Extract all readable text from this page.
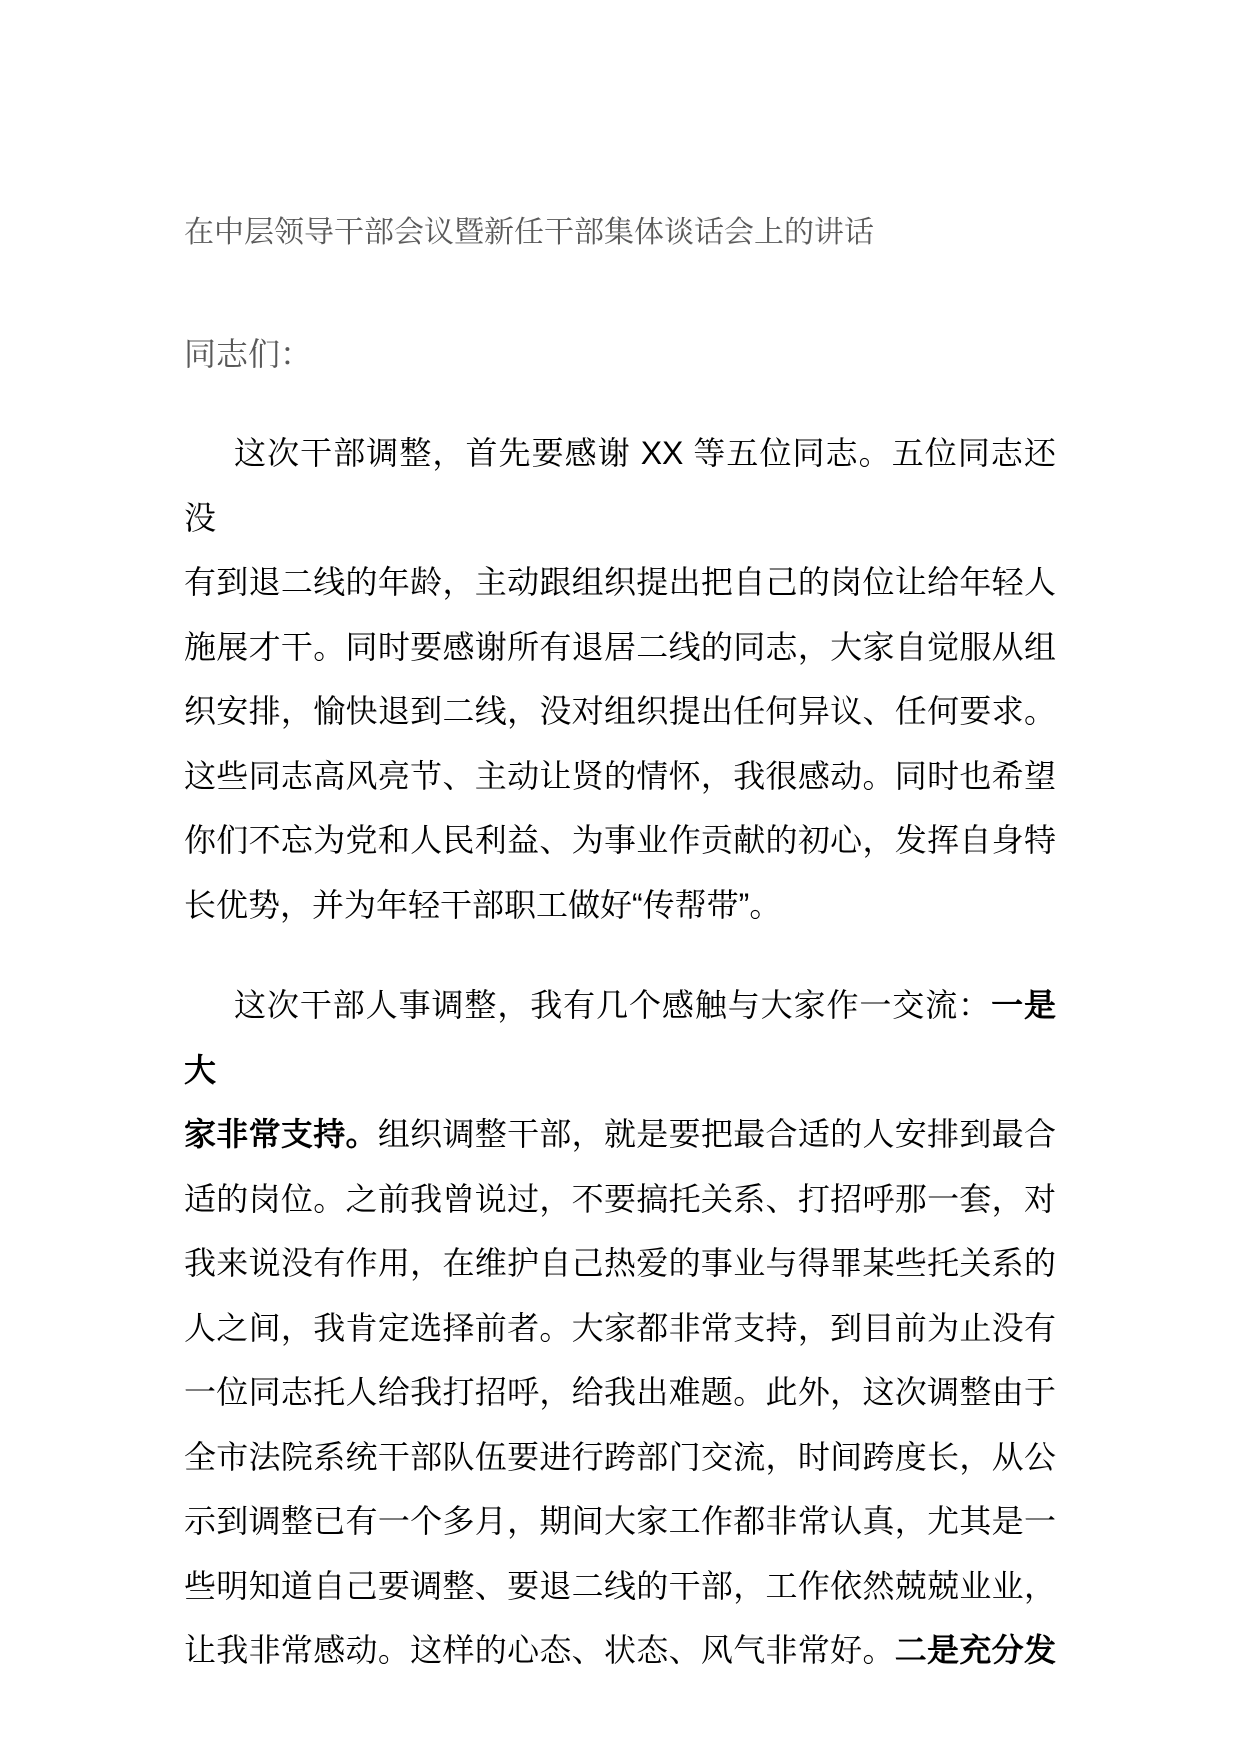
在中层领导干部会议暨新任干部集体谈话会上的讲话

同志们：

这次干部调整，首先要感谢 XX 等五位同志。五位同志还没
有到退二线的年龄，主动跟组织提出把自己的岗位让给年轻人
施展才干。同时要感谢所有退居二线的同志，大家自觉服从组
织安排，愉快退到二线，没对组织提出任何异议、任何要求。
这些同志高风亮节、主动让贤的情怀，我很感动。同时也希望
你们不忘为党和人民利益、为事业作贡献的初心，发挥自身特
长优势，并为年轻干部职工做好“传帮带”。
这次干部人事调整，我有几个感触与大家作一交流：一是大
家非常支持。组织调整干部，就是要把最合适的人安排到最合
适的岗位。之前我曾说过，不要搞托关系、打招呼那一套，对
我来说没有作用，在维护自己热爱的事业与得罪某些托关系的
人之间，我肯定选择前者。大家都非常支持，到目前为止没有
一位同志托人给我打招呼，给我出难题。此外，这次调整由于
全市法院系统干部队伍要进行跨部门交流，时间跨度长，从公
示到调整已有一个多月，期间大家工作都非常认真，尤其是一
些明知道自己要调整、要退二线的干部，工作依然兢兢业业，
让我非常感动。这样的心态、状态、风气非常好。二是充分发
